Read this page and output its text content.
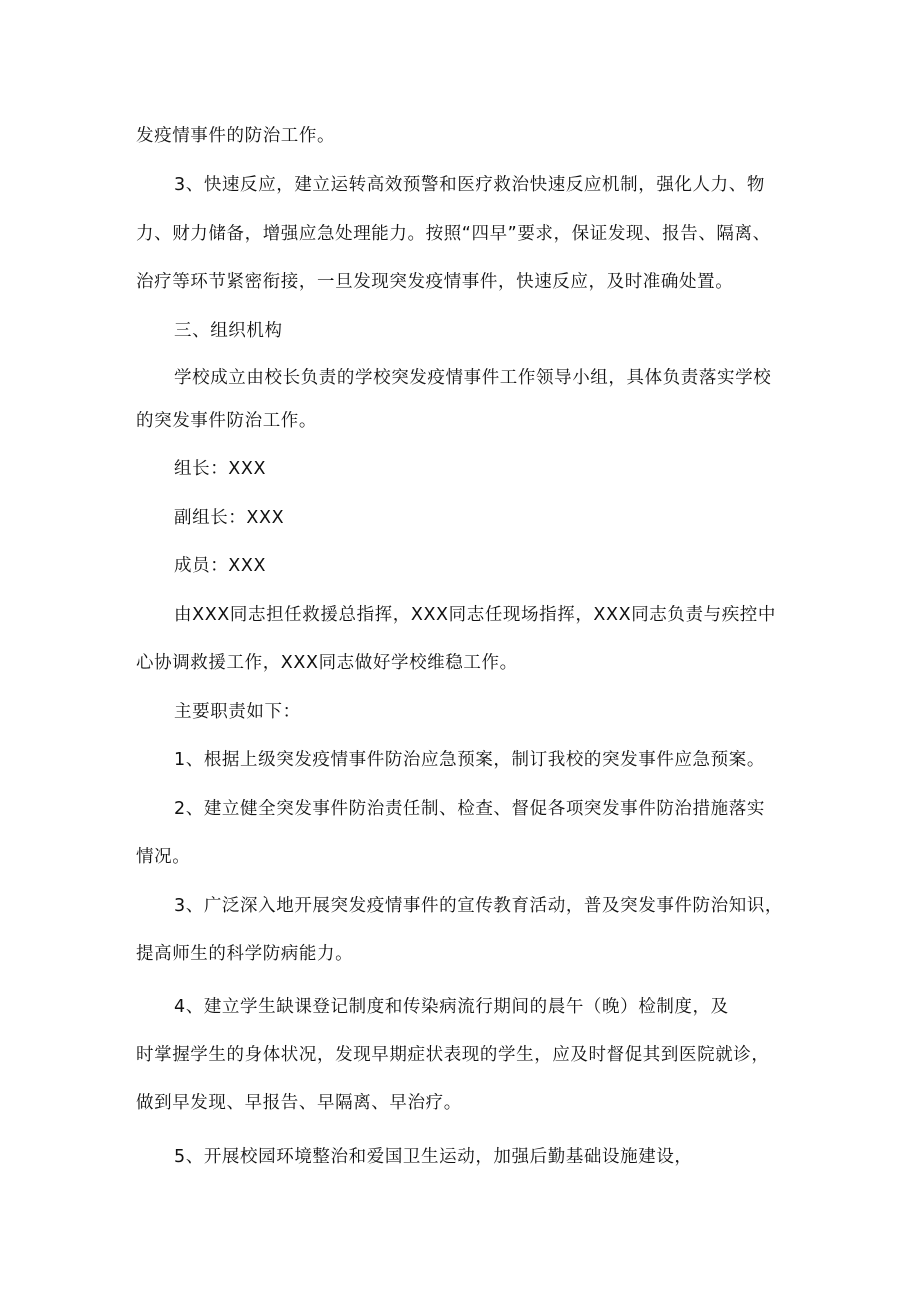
发疫情事件的防治工作。
3、快速反应，建立运转高效预警和医疗救治快速反应机制，强化人力、物
力、财力储备，增强应急处理能力。按照“四早”要求，保证发现、报告、隔离、
治疗等环节紧密衔接，一旦发现突发疫情事件，快速反应，及时准确处置。
三、组织机构
学校成立由校长负责的学校突发疫情事件工作领导小组，具体负责落实学校
的突发事件防治工作。
组长：XXX
副组长：XXX
成员：XXX
由XXX同志担任救援总指挥，XXX同志任现场指挥，XXX同志负责与疾控中
心协调救援工作，XXX同志做好学校维稳工作。
主要职责如下：
1、根据上级突发疫情事件防治应急预案，制订我校的突发事件应急预案。
2、建立健全突发事件防治责任制、检查、督促各项突发事件防治措施落实
情况。
3、广泛深入地开展突发疫情事件的宣传教育活动，普及突发事件防治知识，
提高师生的科学防病能力。
4、建立学生缺课登记制度和传染病流行期间的晨午（晚）检制度，及
时掌握学生的身体状况，发现早期症状表现的学生，应及时督促其到医院就诊，
做到早发现、早报告、早隔离、早治疗。
5、开展校园环境整治和爱国卫生运动，加强后勤基础设施建设，
